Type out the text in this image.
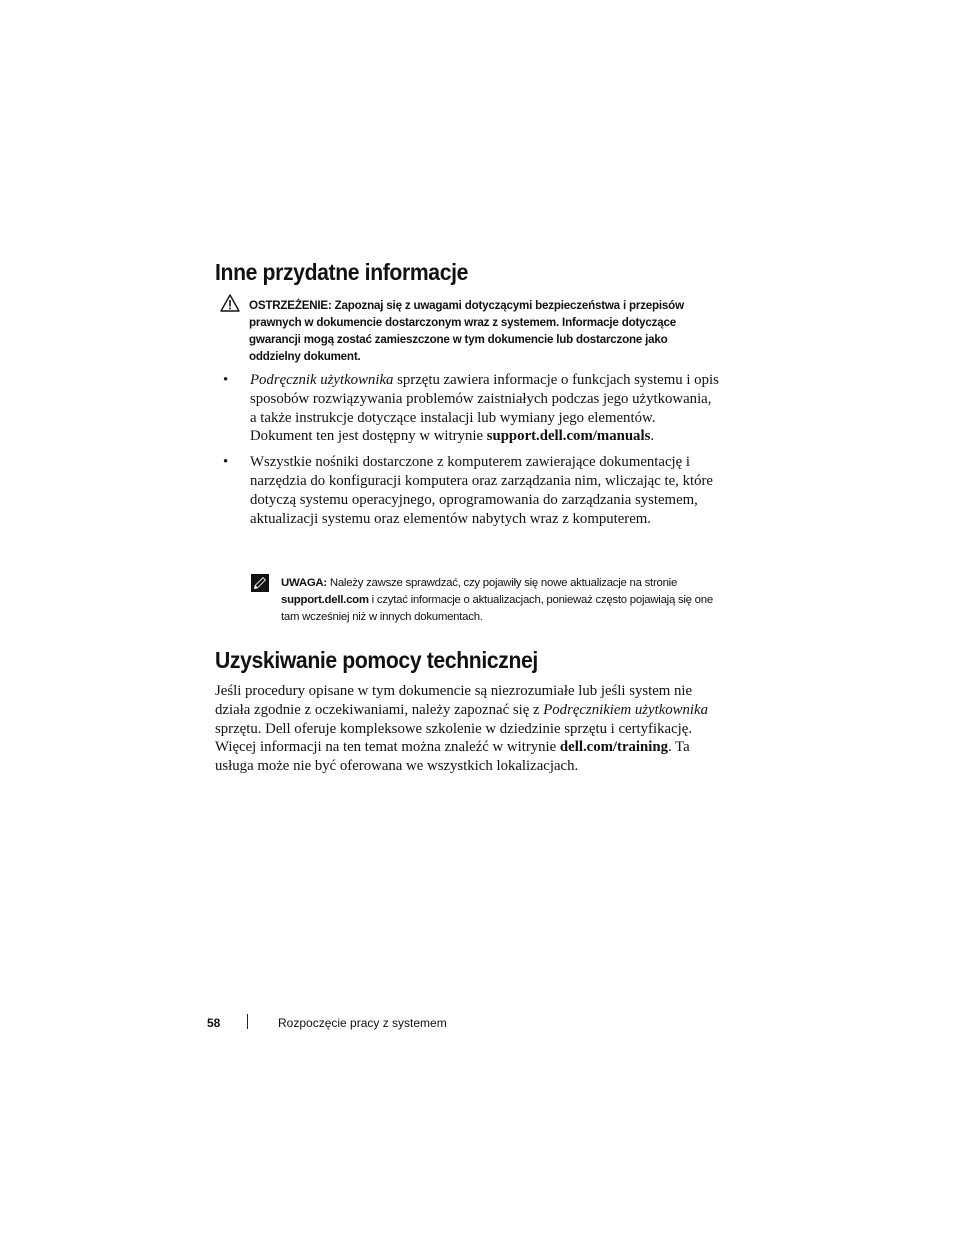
Inne przydatne informacje
OSTRZEŻENIE: Zapoznaj się z uwagami dotyczącymi bezpieczeństwa i przepisów prawnych w dokumencie dostarczonym wraz z systemem. Informacje dotyczące gwarancji mogą zostać zamieszczone w tym dokumencie lub dostarczone jako oddzielny dokument.
• Podręcznik użytkownika sprzętu zawiera informacje o funkcjach systemu i opis sposobów rozwiązywania problemów zaistniałych podczas jego użytkowania, a także instrukcje dotyczące instalacji lub wymiany jego elementów. Dokument ten jest dostępny w witrynie support.dell.com/manuals.
• Wszystkie nośniki dostarczone z komputerem zawierające dokumentację i narzędzia do konfiguracji komputera oraz zarządzania nim, wliczając te, które dotyczą systemu operacyjnego, oprogramowania do zarządzania systemem, aktualizacji systemu oraz elementów nabytych wraz z komputerem.
UWAGA: Należy zawsze sprawdzać, czy pojawiły się nowe aktualizacje na stronie support.dell.com i czytać informacje o aktualizacjach, ponieważ często pojawiają się one tam wcześniej niż w innych dokumentach.
Uzyskiwanie pomocy technicznej
Jeśli procedury opisane w tym dokumencie są niezrozumiałe lub jeśli system nie działa zgodnie z oczekiwaniami, należy zapoznać się z Podręcznikiem użytkownika sprzętu. Dell oferuje kompleksowe szkolenie w dziedzinie sprzętu i certyfikację. Więcej informacji na ten temat można znaleźć w witrynie dell.com/training. Ta usługa może nie być oferowana we wszystkich lokalizacjach.
58	Rozpoczęcie pracy z systemem
